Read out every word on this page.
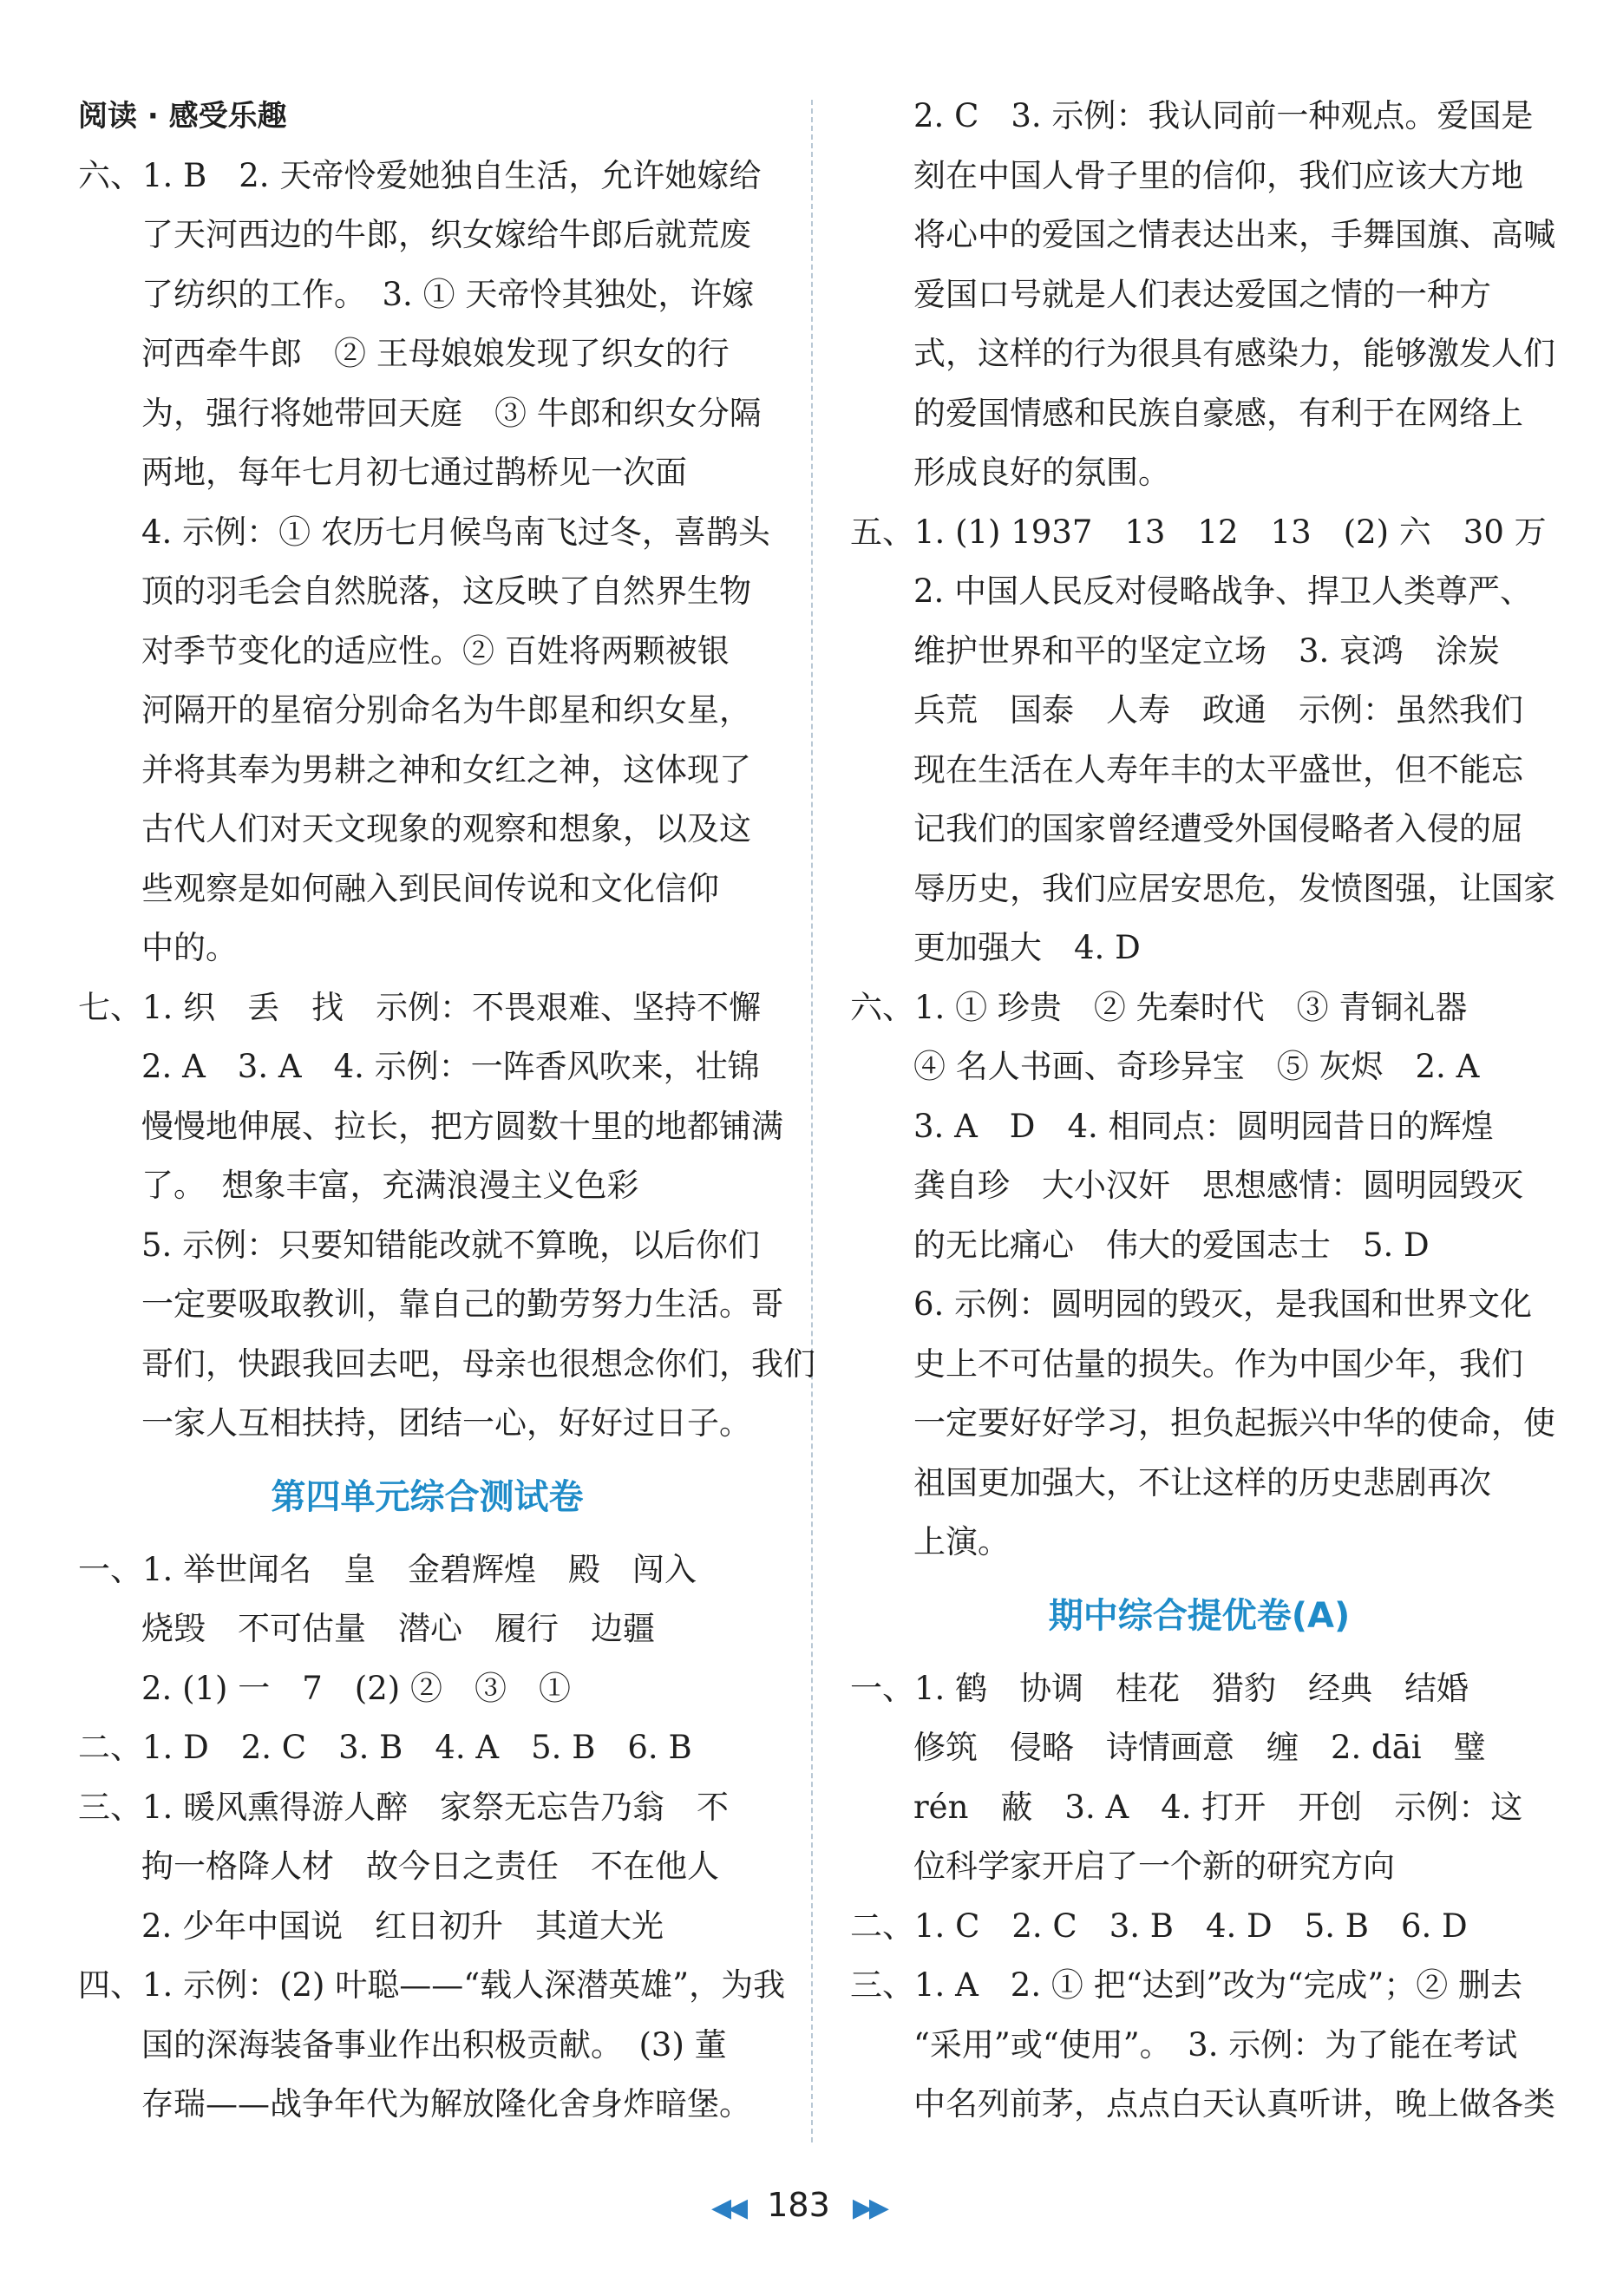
阅读 · 感受乐趣
六、1. B　2. 天帝怜爱她独自生活，允许她嫁给
了天河西边的牛郎，织女嫁给牛郎后就荒废
了纺织的工作。　3. ① 天帝怜其独处，许嫁
河西牵牛郎　② 王母娘娘发现了织女的行
为，强行将她带回天庭　③ 牛郎和织女分隔
两地，每年七月初七通过鹊桥见一次面
4. 示例：① 农历七月候鸟南飞过冬，喜鹊头
顶的羽毛会自然脱落，这反映了自然界生物
对季节变化的适应性。② 百姓将两颗被银
河隔开的星宿分别命名为牛郎星和织女星，
并将其奉为男耕之神和女红之神，这体现了
古代人们对天文现象的观察和想象，以及这
些观察是如何融入到民间传说和文化信仰
中的。
七、1. 织　丢　找　示例：不畏艰难、坚持不懈
2. A　3. A　4. 示例：一阵香风吹来，壮锦
慢慢地伸展、拉长，把方圆数十里的地都铺满
了。　想象丰富，充满浪漫主义色彩
5. 示例：只要知错能改就不算晚，以后你们
一定要吸取教训，靠自己的勤劳努力生活。哥
哥们，快跟我回去吧，母亲也很想念你们，我们
一家人互相扶持，团结一心，好好过日子。
第四单元综合测试卷
一、1. 举世闻名　皇　金碧辉煌　殿　闯入
烧毁　不可估量　潜心　履行　边疆
2. (1) 一　7　(2) ②　③　①
二、1. D　2. C　3. B　4. A　5. B　6. B
三、1. 暖风熏得游人醉　家祭无忘告乃翁　不
拘一格降人材　故今日之责任　不在他人
2. 少年中国说　红日初升　其道大光
四、1. 示例：(2) 叶聪——“载人深潜英雄”，为我
国的深海装备事业作出积极贡献。　(3) 董
存瑞——战争年代为解放隆化舍身炸暗堡。
2. C　3. 示例：我认同前一种观点。爱国是
刻在中国人骨子里的信仰，我们应该大方地
将心中的爱国之情表达出来，手舞国旗、高喊
爱国口号就是人们表达爱国之情的一种方
式，这样的行为很具有感染力，能够激发人们
的爱国情感和民族自豪感，有利于在网络上
形成良好的氛围。
五、1. (1) 1937　13　12　13　(2) 六　30 万
2. 中国人民反对侵略战争、捍卫人类尊严、
维护世界和平的坚定立场　3. 哀鸿　涂炭
兵荒　国泰　人寿　政通　示例：虽然我们
现在生活在人寿年丰的太平盛世，但不能忘
记我们的国家曾经遭受外国侵略者入侵的屈
辱历史，我们应居安思危，发愤图强，让国家
更加强大　4. D
六、1. ① 珍贵　② 先秦时代　③ 青铜礼器
④ 名人书画、奇珍异宝　⑤ 灰烬　2. A
3. A　D　4. 相同点：圆明园昔日的辉煌
龚自珍　大小汉奸　思想感情：圆明园毁灭
的无比痛心　伟大的爱国志士　5. D
6. 示例：圆明园的毁灭，是我国和世界文化
史上不可估量的损失。作为中国少年，我们
一定要好好学习，担负起振兴中华的使命，使
祖国更加强大，不让这样的历史悲剧再次
上演。
期中综合提优卷(A)
一、1. 鹤　协调　桂花　猎豹　经典　结婚
修筑　侵略　诗情画意　缠　2. dāi　璧
rén　蔽　3. A　4. 打开　开创　示例：这
位科学家开启了一个新的研究方向
二、1. C　2. C　3. B　4. D　5. B　6. D
三、1. A　2. ① 把“达到”改为“完成”；② 删去
“采用”或“使用”。　3. 示例：为了能在考试
中名列前茅，点点白天认真听讲，晚上做各类
◀◀ 183 ▶▶
